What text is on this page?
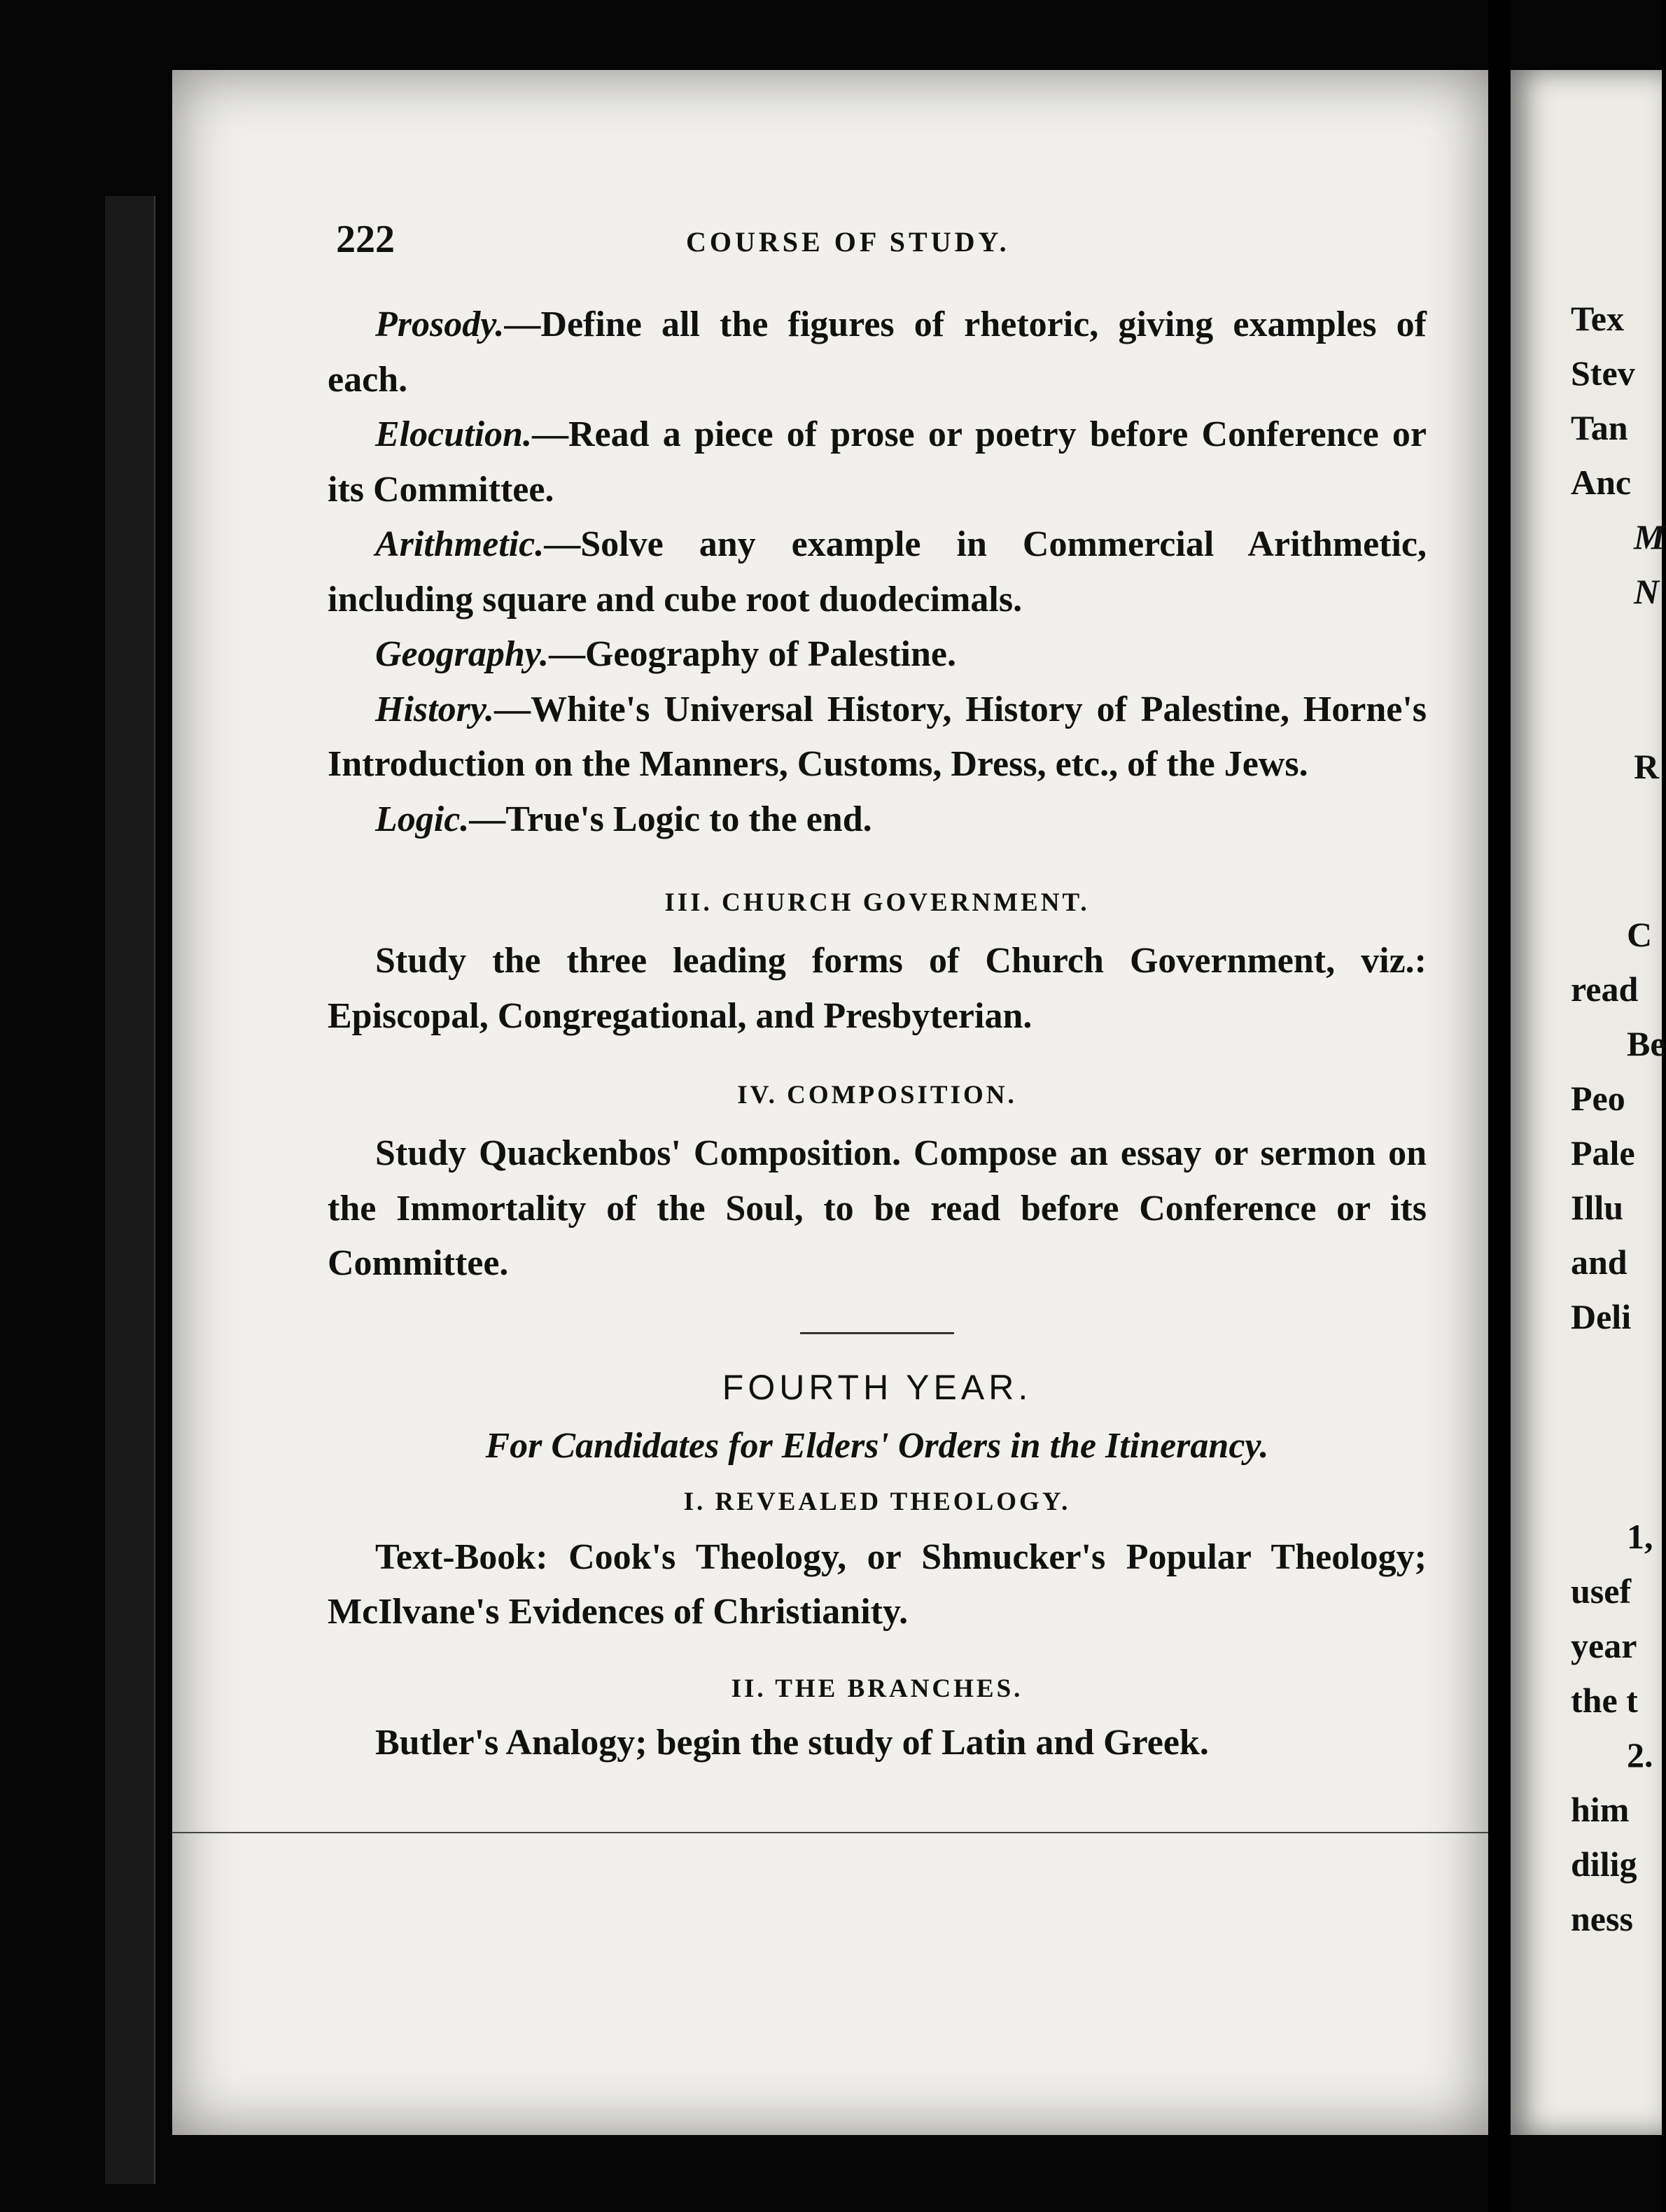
222	COURSE OF STUDY.

Prosody.—Define all the figures of rhetoric, giving examples of each.

Elocution.—Read a piece of prose or poetry before Conference or its Committee.

Arithmetic.—Solve any example in Commercial Arithmetic, including square and cube root duodecimals.

Geography.—Geography of Palestine.

History.—White's Universal History, History of Palestine, Horne's Introduction on the Manners, Customs, Dress, etc., of the Jews.

Logic.—True's Logic to the end.

III. CHURCH GOVERNMENT.

Study the three leading forms of Church Government, viz.: Episcopal, Congregational, and Presbyterian.

IV. COMPOSITION.

Study Quackenbos' Composition. Compose an essay or sermon on the Immortality of the Soul, to be read before Conference or its Committee.

FOURTH YEAR.
For Candidates for Elders' Orders in the Itinerancy.
I. REVEALED THEOLOGY.

Text-Book: Cook's Theology, or Shmucker's Popular Theology; McIlvane's Evidences of Christianity.

II. THE BRANCHES.

Butler's Analogy; begin the study of Latin and Greek.

Tex
Stev
Tan
Anc
M
N
R
C
read
Be
Peo
Pale
Illu
and
Deli
1,
usef
year
the t
2.
him
dilig
ness
